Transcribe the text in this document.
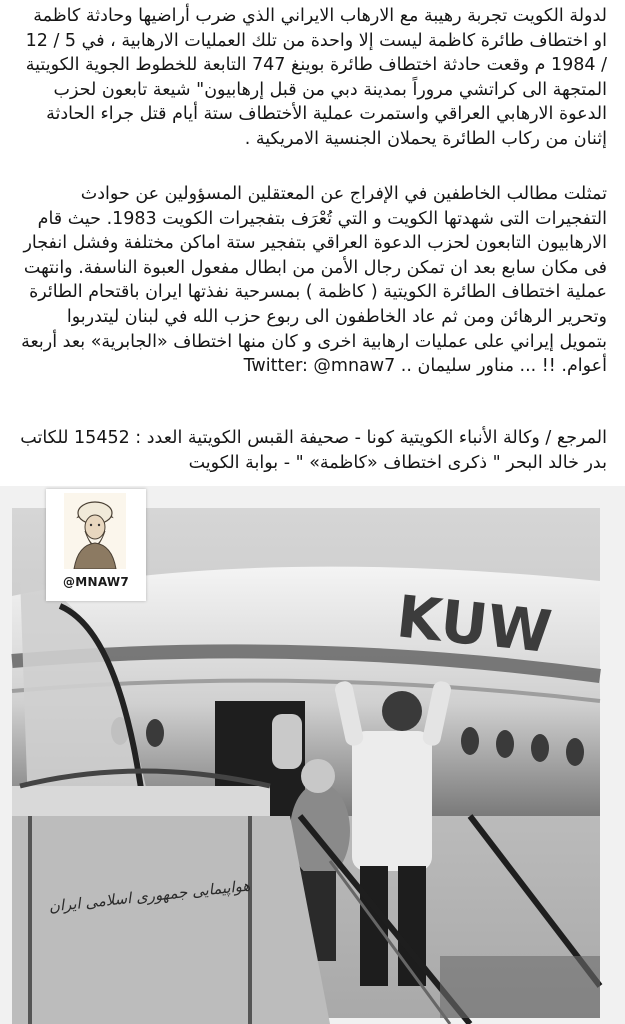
لدولة الكويت تجربة رهيبة مع الارهاب الايراني الذي ضرب أراضيها وحادثة كاظمة او اختطاف طائرة كاظمة ليست إلا واحدة من تلك العمليات الارهابية ، في 5 / 12 / 1984 م وقعت حادثة اختطاف طائرة بوينغ 747 التابعة للخطوط الجوية الكويتية المتجهة الى كراتشي مروراً بمدينة دبي من قبل إرهابيون" شيعة تابعون لحزب الدعوة الارهابي العراقي واستمرت عملية الأختطاف ستة أيام قتل جراء الحادثة إثنان من ركاب الطائرة يحملان الجنسية الامريكية .

تمثلت مطالب الخاطفين في الإفراج عن المعتقلين المسؤولين عن حوادث التفجيرات التى شهدتها الكويت و التي تُعْرَف بتفجيرات الكويت 1983. حيث قام الارهابيون التابعون لحزب الدعوة العراقي بتفجير ستة اماكن مختلفة وفشل انفجار فى مكان سابع بعد ان تمكن رجال الأمن من ابطال مفعول العبوة الناسفة. وانتهت عملية اختطاف الطائرة الكويتية ( كاظمة ) بمسرحية نفذتها ايران باقتحام الطائرة وتحرير الرهائن ومن ثم عاد الخاطفون الى ربوع حزب الله في لبنان ليتدربوا بتمويل إيراني على عمليات ارهابية اخرى و كان منها اختطاف «الجابرية» بعد أربعة أعوام. !! ... مناور سليمان .. Twitter: @mnaw7

المرجع / وكالة الأنباء الكويتية كونا - صحيفة القبس الكويتية العدد : 15452 للكاتب بدر خالد البحر " ذكرى اختطاف «كاظمة» " - بوابة الكويت

KUW
هواپیمایی جمهوری اسلامی ایران
@MNAW7
